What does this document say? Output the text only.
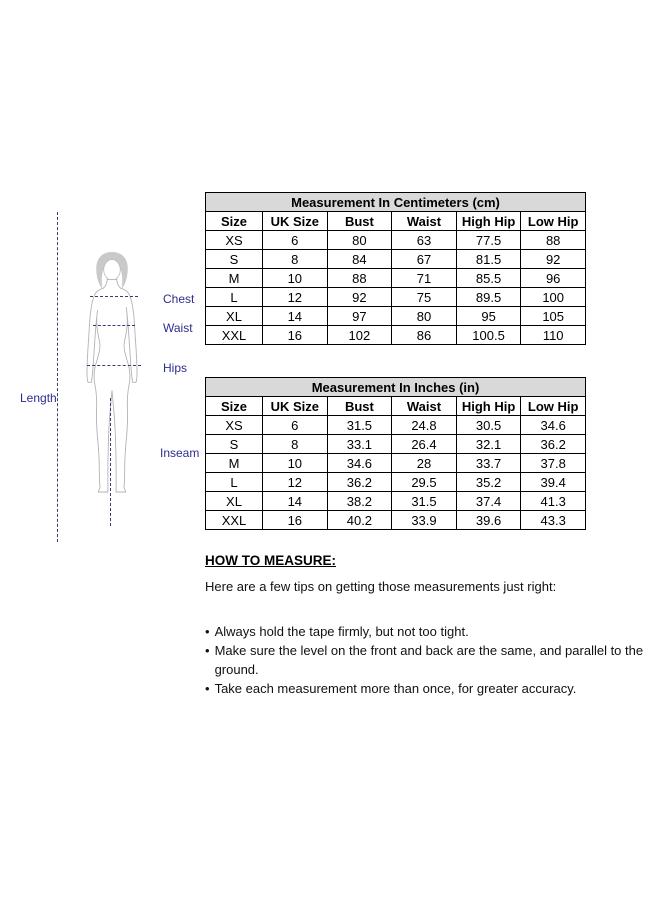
Length
Chest
Waist
Hips
Inseam
Measurement In Centimeters (cm)					
Size	UK Size	Bust	Waist	High Hip	Low Hip
XS	6	80	63	77.5	88
S	8	84	67	81.5	92
M	10	88	71	85.5	96
L	12	92	75	89.5	100
XL	14	97	80	95	105
XXL	16	102	86	100.5	110
Measurement In Inches (in)					
Size	UK Size	Bust	Waist	High Hip	Low Hip
XS	6	31.5	24.8	30.5	34.6
S	8	33.1	26.4	32.1	36.2
M	10	34.6	28	33.7	37.8
L	12	36.2	29.5	35.2	39.4
XL	14	38.2	31.5	37.4	41.3
XXL	16	40.2	33.9	39.6	43.3
HOW TO MEASURE:
Here are a few tips on getting those measurements just right:
• Always hold the tape firmly, but not too tight.
• Make sure the level on the front and back are the same, and parallel to the ground.
• Take each measurement more than once, for greater accuracy.
